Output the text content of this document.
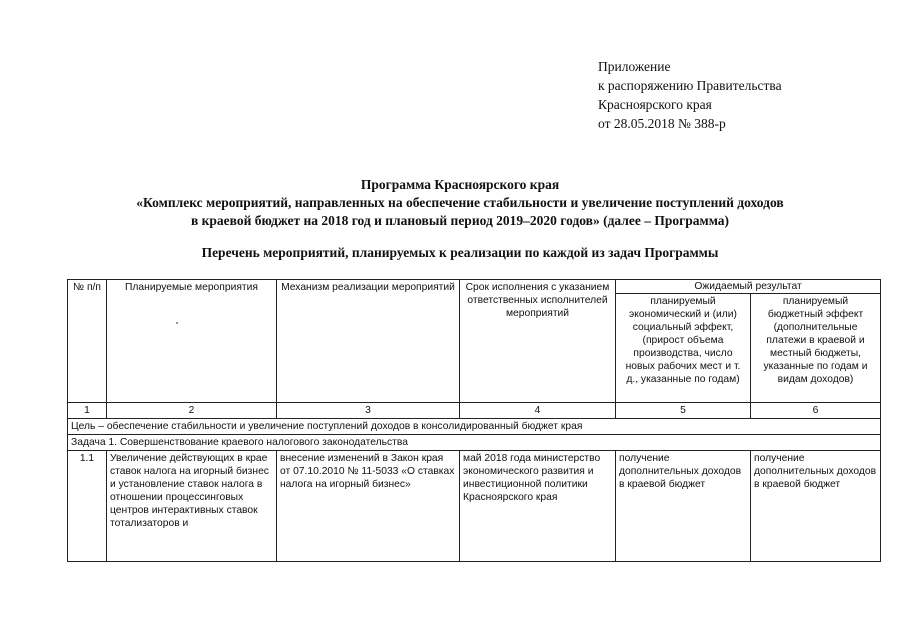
Приложение
к распоряжению Правительства
Красноярского края
от 28.05.2018 № 388-р
Программа Красноярского края
«Комплекс мероприятий, направленных на обеспечение стабильности и увеличение поступлений доходов
в краевой бюджет на 2018 год и плановый период 2019–2020 годов» (далее – Программа)
Перечень мероприятий, планируемых к реализации по каждой из задач Программы
№ п/п	Планируемые мероприятия	Механизм реализации мероприятий	Срок исполнения с указанием ответственных исполнителей мероприятий	Ожидаемый результат	
				планируемый экономический и (или) социальный эффект, (прирост объема производства, число новых рабочих мест и т. д., указанные по годам)	планируемый бюджетный эффект (дополнительные платежи в краевой и местный бюджеты, указанные по годам и видам доходов)
1	2	3	4	5	6
Цель – обеспечение стабильности и увеличение поступлений доходов в консолидированный бюджет края					
Задача 1. Совершенствование краевого налогового законодательства					
1.1	Увеличение действующих в крае ставок налога на игорный бизнес и установление ставок налога в отношении процессинговых центров интерактивных ставок тотализаторов и	внесение изменений в Закон края от 07.10.2010 № 11-5033 «О ставках налога на игорный бизнес»	май 2018 года министерство экономического развития и инвестиционной политики Красноярского края	получение дополнительных доходов в краевой бюджет	получение дополнительных доходов в краевой бюджет
